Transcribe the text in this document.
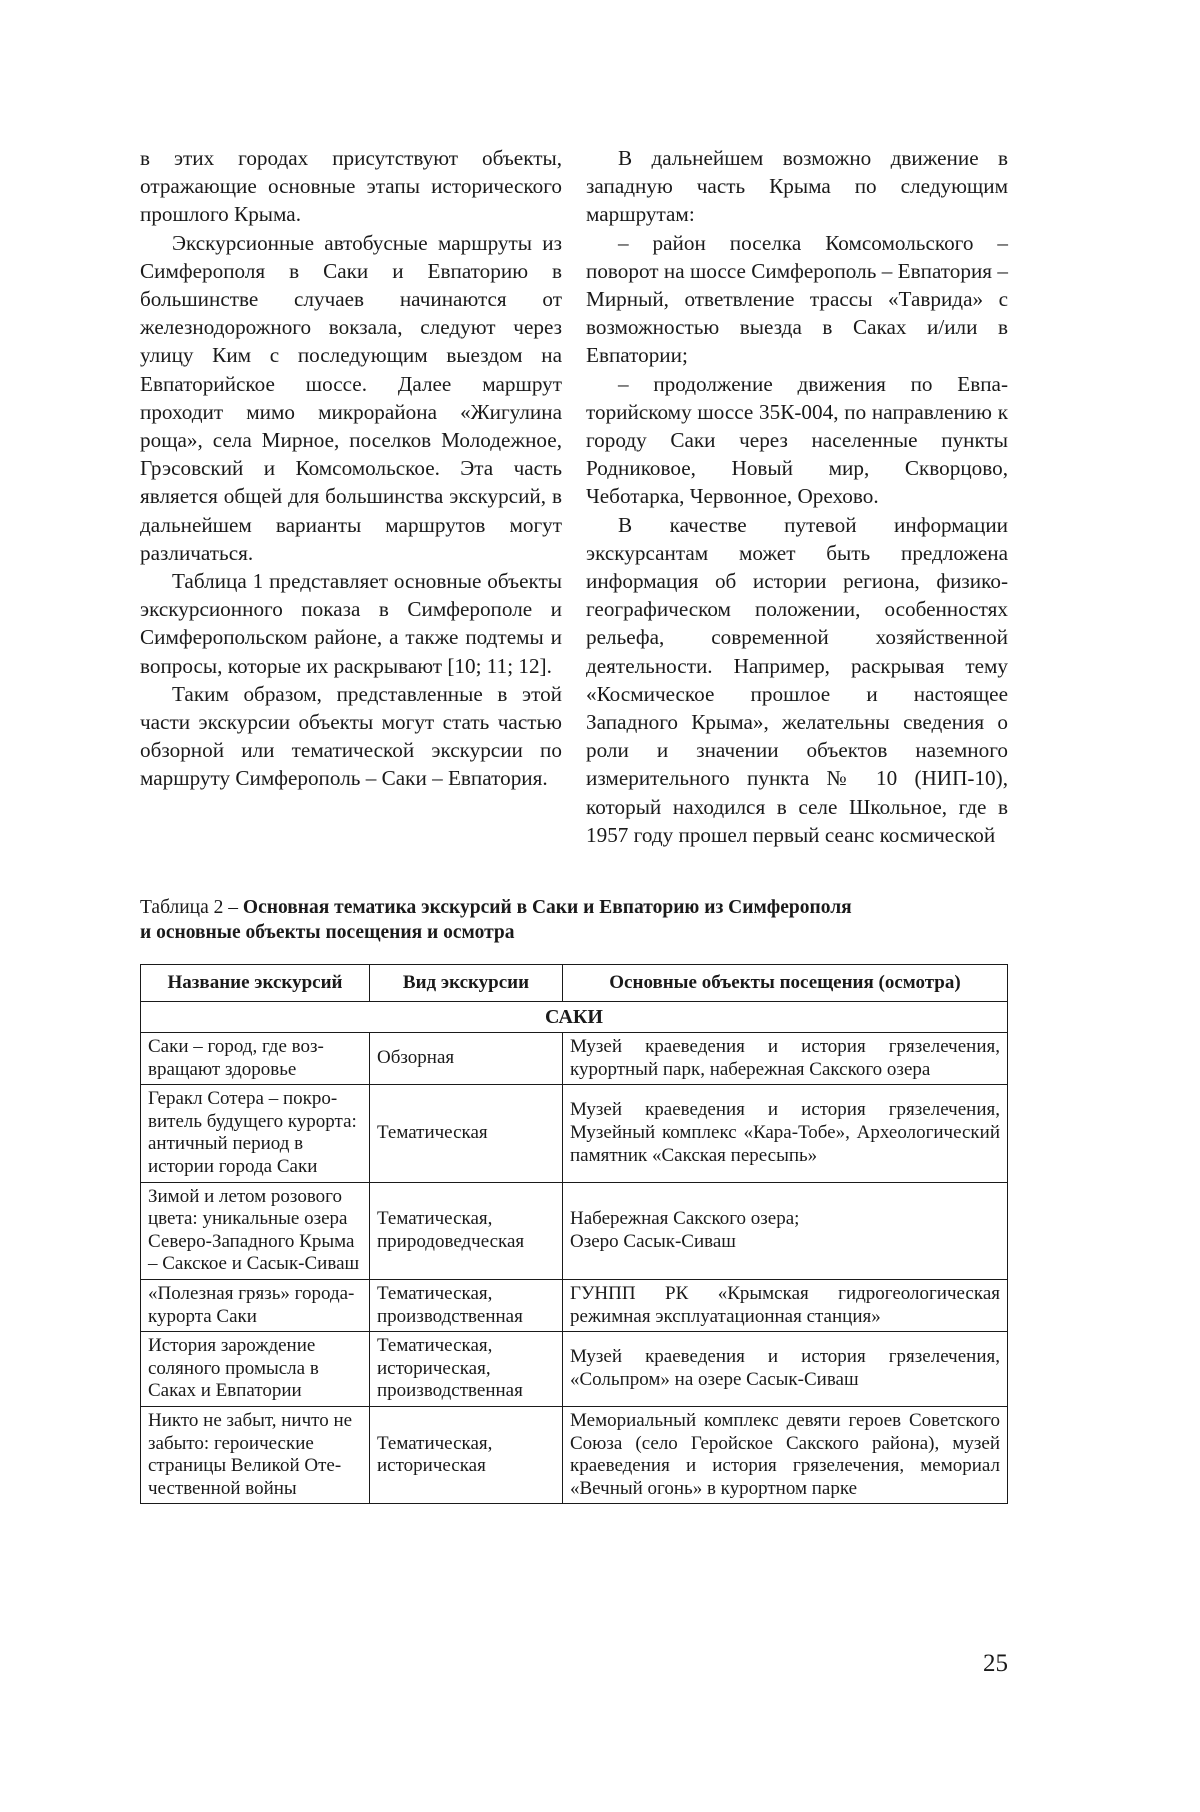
в этих городах присутствуют объекты, отражающие основные этапы исторического прошлого Крыма.

Экскурсионные автобусные маршруты из Симферополя в Саки и Евпаторию в большинстве случаев начинаются от железнодорожного вокзала, следуют через улицу Ким с последующим выездом на Евпаторийское шоссе. Далее маршрут проходит мимо микрорайона «Жигулина роща», села Мирное, поселков Молодежное, Грэсовский и Комсомольское. Эта часть является общей для большинства экскурсий, в дальнейшем варианты маршрутов могут различаться.

Таблица 1 представляет основные объекты экскурсионного показа в Симферополе и Симферопольском районе, а также подтемы и вопросы, которые их раскрывают [10; 11; 12].

Таким образом, представленные в этой части экскурсии объекты могут стать частью обзорной или тематической экскурсии по маршруту Симферополь – Саки – Евпатория.

В дальнейшем возможно движение в западную часть Крыма по следующим маршрутам:

– район поселка Комсомольского – поворот на шоссе Симферополь – Евпатория – Мирный, ответвление трассы «Таврида» с возможностью выезда в Саках и/или в Евпатории;

– продолжение движения по Евпаторийскому шоссе 35К-004, по направлению к городу Саки через населенные пункты Родниковое, Новый мир, Скворцово, Чеботарка, Червонное, Орехово.

В качестве путевой информации экскурсантам может быть предложена информация об истории региона, физико-географическом положении, особенностях рельефа, современной хозяйственной деятельности. Например, раскрывая тему «Космическое прошлое и настоящее Западного Крыма», желательны сведения о роли и значении объектов наземного измерительного пункта № 10 (НИП-10), который находился в селе Школьное, где в 1957 году прошел первый сеанс космической

Таблица 2 – Основная тематика экскурсий в Саки и Евпаторию из Симферополя
и основные объекты посещения и осмотра
Название экскурсий	Вид экскурсии	Основные объекты посещения (осмотра)
САКИ		
Саки – город, где возвращают здоровье	Обзорная	Музей краеведения и история грязелечения, курортный парк, набережная Сакского озера
Геракл Сотера – покровитель будущего курорта: античный период в истории города Саки	Тематическая	Музей краеведения и история грязелечения, Музейный комплекс «Кара-Тобе», Археологический памятник «Сакская пересыпь»
Зимой и летом розового цвета: уникальные озера Северо-Западного Крыма – Сакское и Сасык-Сиваш	Тематическая, природоведческая	Набережная Сакского озера;
Озеро Сасык-Сиваш
«Полезная грязь» города-курорта Саки	Тематическая, производственная	ГУНПП РК «Крымская гидрогеологическая режимная эксплуатационная станция»
История зарождение соляного промысла в Саках и Евпатории	Тематическая, историческая, производственная	Музей краеведения и история грязелечения, «Сольпром» на озере Сасык-Сиваш
Никто не забыт, ничто не забыто: героические страницы Великой Отечественной войны	Тематическая, историческая	Мемориальный комплекс девяти героев Советского Союза (село Геройское Сакского района), музей краеведения и история грязелечения, мемориал «Вечный огонь» в курортном парке
25
